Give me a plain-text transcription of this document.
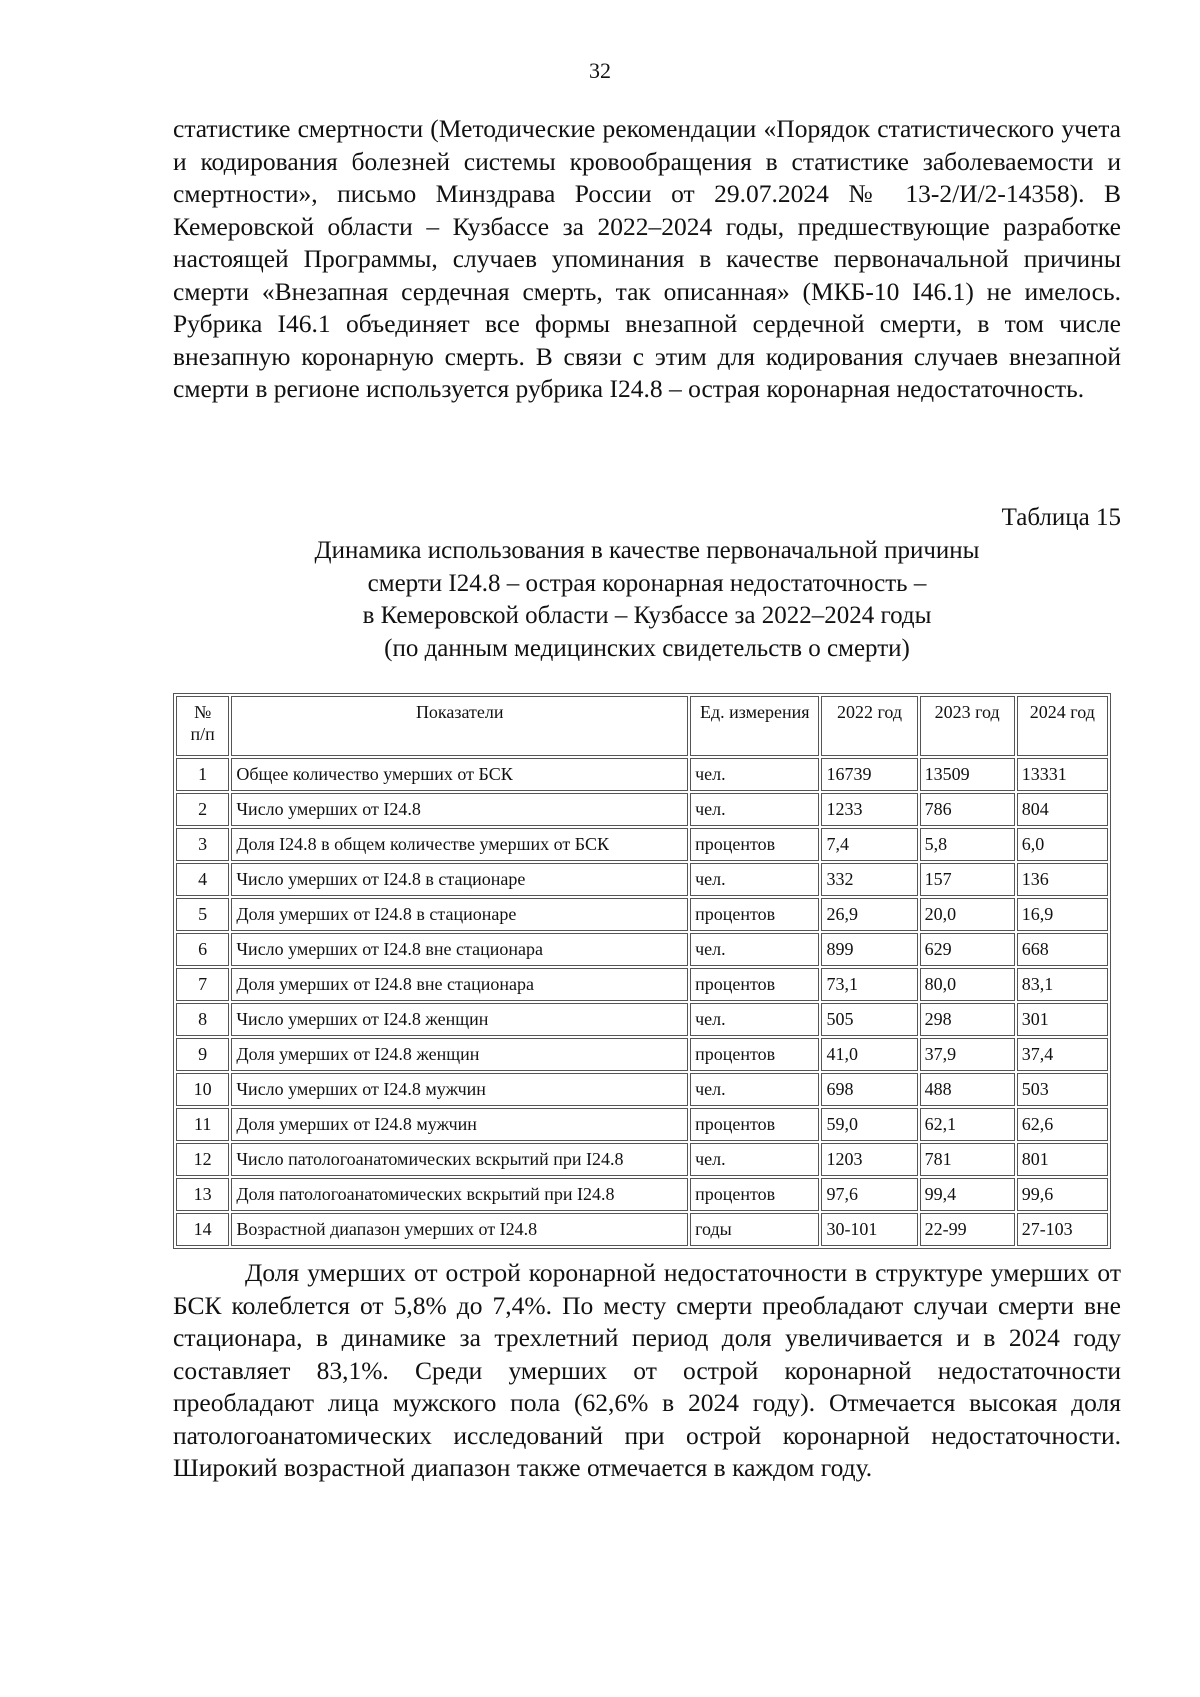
32

статистике смертности (Методические рекомендации «Порядок статистического учета и кодирования болезней системы кровообращения в статистике заболеваемости и смертности», письмо Минздрава России от 29.07.2024 № 13-2/И/2-14358). В Кемеровской области – Кузбассе за 2022–2024 годы, предшествующие разработке настоящей Программы, случаев упоминания в качестве первоначальной причины смерти «Внезапная сердечная смерть, так описанная» (МКБ-10 I46.1) не имелось. Рубрика I46.1 объединяет все формы внезапной сердечной смерти, в том числе внезапную коронарную смерть. В связи с этим для кодирования случаев внезапной смерти в регионе используется рубрика I24.8 – острая коронарная недостаточность.

Таблица 15
Динамика использования в качестве первоначальной причины
смерти I24.8 – острая коронарная недостаточность –
в Кемеровской области – Кузбассе за 2022–2024 годы
(по данным медицинских свидетельств о смерти)
№
п/п	Показатели	Ед. измерения	2022 год	2023 год	2024 год
1	Общее количество умерших от БСК	чел.	16739	13509	13331
2	Число умерших от I24.8	чел.	1233	786	804
3	Доля I24.8 в общем количестве умерших от БСК	процентов	7,4	5,8	6,0
4	Число умерших от I24.8 в стационаре	чел.	332	157	136
5	Доля умерших от I24.8 в стационаре	процентов	26,9	20,0	16,9
6	Число умерших от I24.8 вне стационара	чел.	899	629	668
7	Доля умерших от I24.8 вне стационара	процентов	73,1	80,0	83,1
8	Число умерших от I24.8 женщин	чел.	505	298	301
9	Доля умерших от I24.8 женщин	процентов	41,0	37,9	37,4
10	Число умерших от I24.8 мужчин	чел.	698	488	503
11	Доля умерших от I24.8 мужчин	процентов	59,0	62,1	62,6
12	Число патологоанатомических вскрытий при I24.8	чел.	1203	781	801
13	Доля патологоанатомических вскрытий при I24.8	процентов	97,6	99,4	99,6
14	Возрастной диапазон умерших от I24.8	годы	30-101	22-99	27-103

Доля умерших от острой коронарной недостаточности в структуре умерших от БСК колеблется от 5,8% до 7,4%. По месту смерти преобладают случаи смерти вне стационара, в динамике за трехлетний период доля увеличивается и в 2024 году составляет 83,1%. Среди умерших от острой коронарной недостаточности преобладают лица мужского пола (62,6% в 2024 году). Отмечается высокая доля патологоанатомических исследований при острой коронарной недостаточности. Широкий возрастной диапазон также отмечается в каждом году.
